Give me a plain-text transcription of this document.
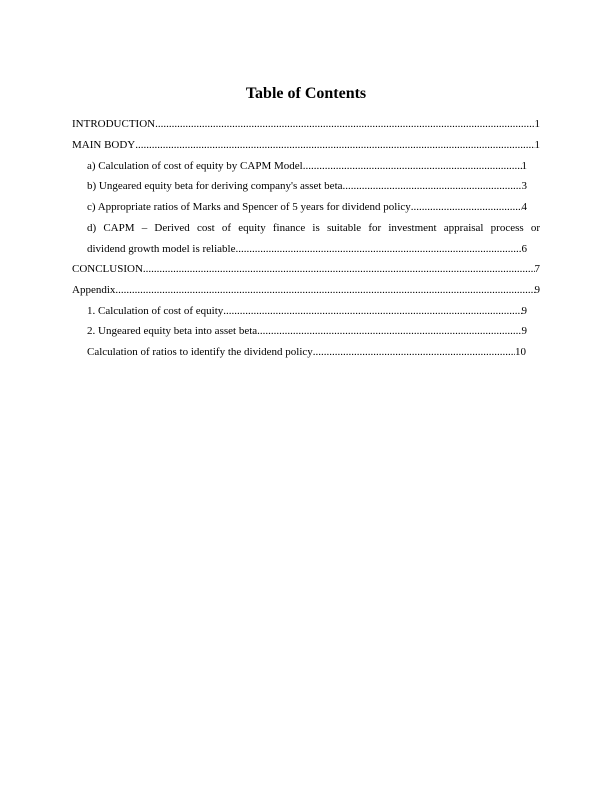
Table of Contents
INTRODUCTION .....	1
MAIN BODY .....	1
a) Calculation of cost of equity by CAPM Model .....	1
b) Ungeared equity beta for deriving company's asset beta .....	3
c) Appropriate ratios of Marks and Spencer of 5 years for dividend policy .....	4
d) CAPM – Derived cost of equity finance is suitable for investment appraisal process or
dividend growth model is reliable .....	6
CONCLUSION .....	7
Appendix .....	9
1. Calculation of cost of equity .....	9
2. Ungeared equity beta into asset beta .....	9
Calculation of ratios to identify the dividend policy .....	10
